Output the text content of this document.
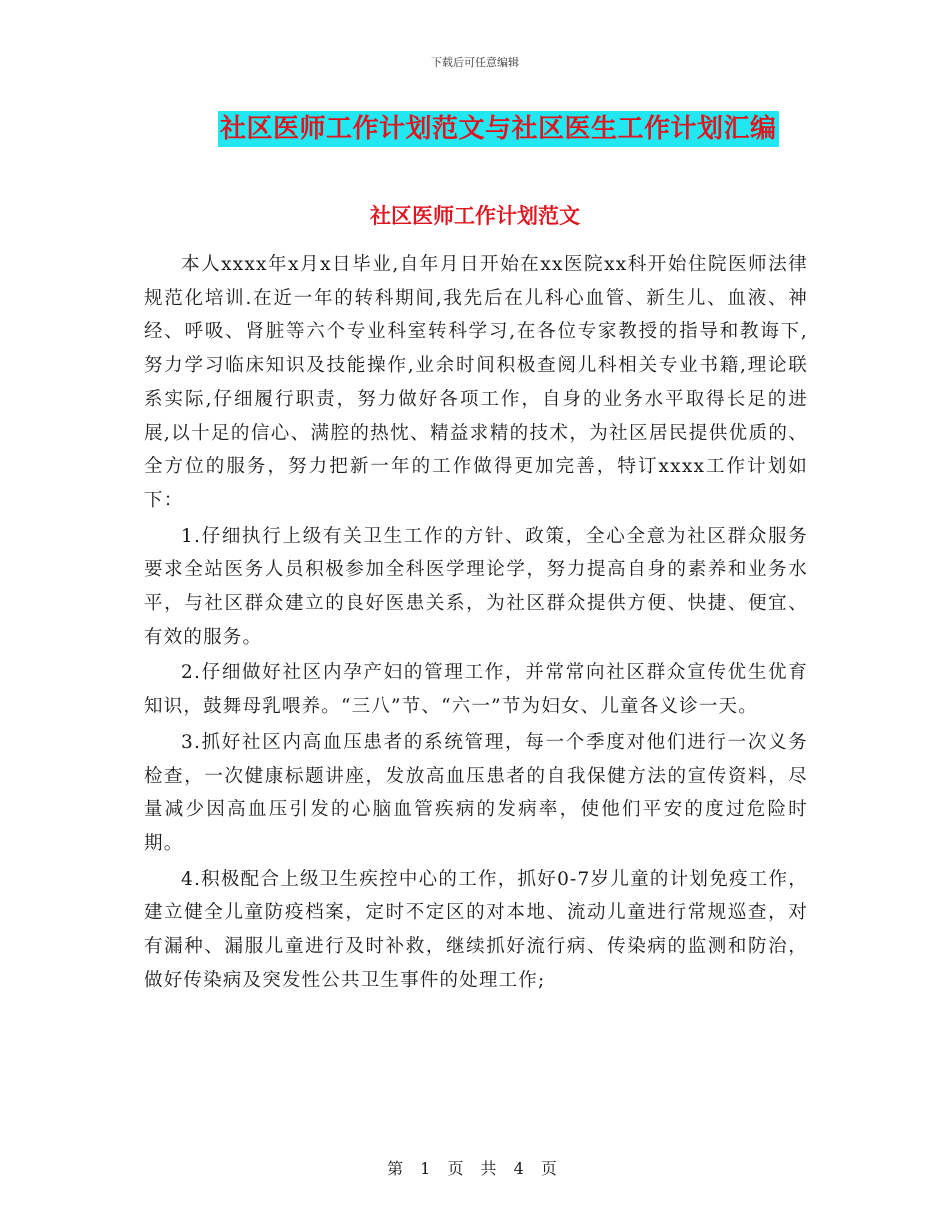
下载后可任意编辑
社区医师工作计划范文与社区医生工作计划汇编
社区医师工作计划范文

本人xxxx年x月x日毕业,自年月日开始在xx医院xx科开始住院医师法律规范化培训.在近一年的转科期间,我先后在儿科心血管、新生儿、血液、神经、呼吸、肾脏等六个专业科室转科学习,在各位专家教授的指导和教诲下,努力学习临床知识及技能操作,业余时间积极查阅儿科相关专业书籍,理论联系实际,仔细履行职责，努力做好各项工作，自身的业务水平取得长足的进展,以十足的信心、满腔的热忱、精益求精的技术，为社区居民提供优质的、全方位的服务，努力把新一年的工作做得更加完善，特订xxxx工作计划如下：

1.仔细执行上级有关卫生工作的方针、政策，全心全意为社区群众服务要求全站医务人员积极参加全科医学理论学，努力提高自身的素养和业务水平，与社区群众建立的良好医患关系，为社区群众提供方便、快捷、便宜、有效的服务。

2.仔细做好社区内孕产妇的管理工作，并常常向社区群众宣传优生优育知识，鼓舞母乳喂养。“三八”节、“六一”节为妇女、儿童各义诊一天。

3.抓好社区内高血压患者的系统管理，每一个季度对他们进行一次义务检查，一次健康标题讲座，发放高血压患者的自我保健方法的宣传资料，尽量减少因高血压引发的心脑血管疾病的发病率，使他们平安的度过危险时期。

4.积极配合上级卫生疾控中心的工作，抓好0-7岁儿童的计划免疫工作，建立健全儿童防疫档案，定时不定区的对本地、流动儿童进行常规巡查，对有漏种、漏服儿童进行及时补救，继续抓好流行病、传染病的监测和防治，做好传染病及突发性公共卫生事件的处理工作;

第 1 页 共 4 页
